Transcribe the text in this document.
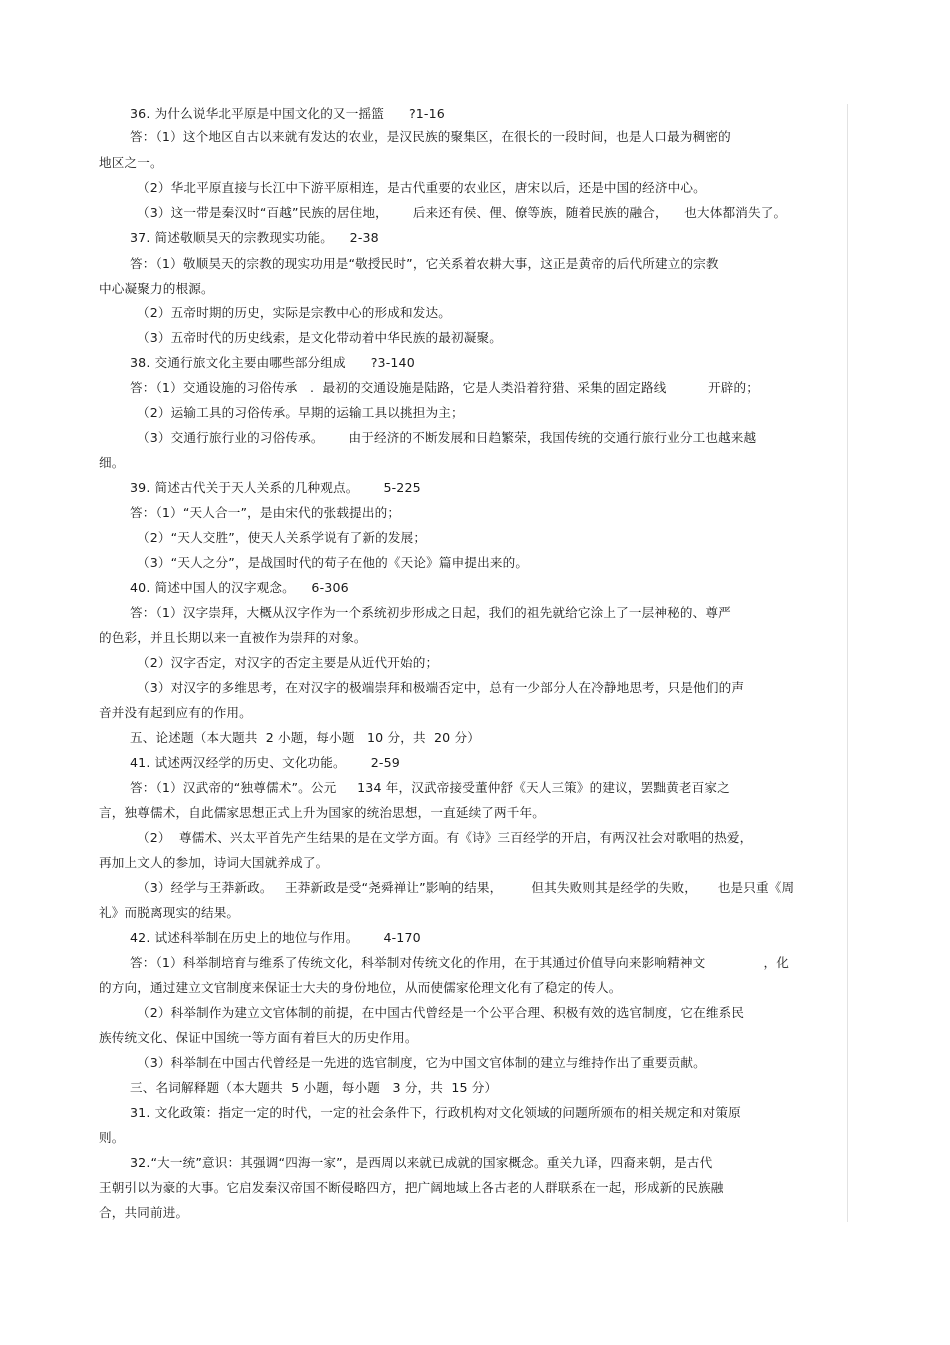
36. 为什么说华北平原是中国文化的又一摇篮      ?1-16
答：（1）这个地区自古以来就有发达的农业，是汉民族的聚集区，在很长的一段时间，也是人口最为稠密的
地区之一。
（2）华北平原直接与长江中下游平原相连，是古代重要的农业区，唐宋以后，还是中国的经济中心。
（3）这一带是秦汉时“百越”民族的居住地，      后来还有侯、俚、僚等族，随着民族的融合，    也大体都消失了。
37. 简述敬顺昊天的宗教现实功能。    2-38
答：（1）敬顺昊天的宗教的现实功用是“敬授民时”，它关系着农耕大事，这正是黄帝的后代所建立的宗教
中心凝聚力的根源。
（2）五帝时期的历史，实际是宗教中心的形成和发达。
（3）五帝时代的历史线索，是文化带动着中华民族的最初凝聚。
38. 交通行旅文化主要由哪些部分组成      ?3-140
答：（1）交通设施的习俗传承   .  最初的交通设施是陆路，它是人类沿着狩猎、采集的固定路线          开辟的；
（2）运输工具的习俗传承。早期的运输工具以挑担为主；
（3）交通行旅行业的习俗传承。      由于经济的不断发展和日趋繁荣，我国传统的交通行旅行业分工也越来越
细。
39. 简述古代关于天人关系的几种观点。      5-225
答：（1）“天人合一”，是由宋代的张载提出的；
（2）“天人交胜”，使天人关系学说有了新的发展；
（3）“天人之分”，是战国时代的荀子在他的《天论》篇申提出来的。
40. 简述中国人的汉字观念。    6-306
答：（1）汉字崇拜，大概从汉字作为一个系统初步形成之日起，我们的祖先就给它涂上了一层神秘的、尊严
的色彩，并且长期以来一直被作为崇拜的对象。
（2）汉字否定，对汉字的否定主要是从近代开始的；
（3）对汉字的多维思考，在对汉字的极端崇拜和极端否定中，总有一少部分人在冷静地思考，只是他们的声
音并没有起到应有的作用。
五、论述题（本大题共  2 小题，每小题   10 分，共  20 分）
41. 试述两汉经学的历史、文化功能。      2-59
答：（1）汉武帝的“独尊儒术”。公元     134 年，汉武帝接受董仲舒《天人三策》的建议，罢黜黄老百家之
言，独尊儒术，自此儒家思想正式上升为国家的统治思想，一直延续了两千年。
（2）  尊儒术、兴太平首先产生结果的是在文学方面。有《诗》三百经学的开启，有两汉社会对歌唱的热爱，
再加上文人的参加，诗词大国就养成了。
（3）经学与王莽新政。   王莽新政是受“尧舜禅让”影响的结果，       但其失败则其是经学的失败，     也是只重《周
礼》而脱离现实的结果。
42. 试述科举制在历史上的地位与作用。      4-170
答：（1）科举制培育与维系了传统文化，科举制对传统文化的作用，在于其通过价值导向来影响精神文              ，化
的方向，通过建立文官制度来保证士大夫的身份地位，从而使儒家伦理文化有了稳定的传人。
（2）科举制作为建立文官体制的前提，在中国古代曾经是一个公平合理、积极有效的选官制度，它在维系民
族传统文化、保证中国统一等方面有着巨大的历史作用。
（3）科举制在中国古代曾经是一先进的选官制度，它为中国文官体制的建立与维持作出了重要贡献。
三、名词解释题（本大题共  5 小题，每小题   3 分，共  15 分）
31. 文化政策：指定一定的时代，一定的社会条件下，行政机构对文化领域的问题所颁布的相关规定和对策原
则。
32.“大一统”意识：其强调“四海一家”，是西周以来就已成就的国家概念。重关九译，四裔来朝，是古代
王朝引以为豪的大事。它启发秦汉帝国不断侵略四方，把广阔地域上各古老的人群联系在一起，形成新的民族融
合，共同前进。
